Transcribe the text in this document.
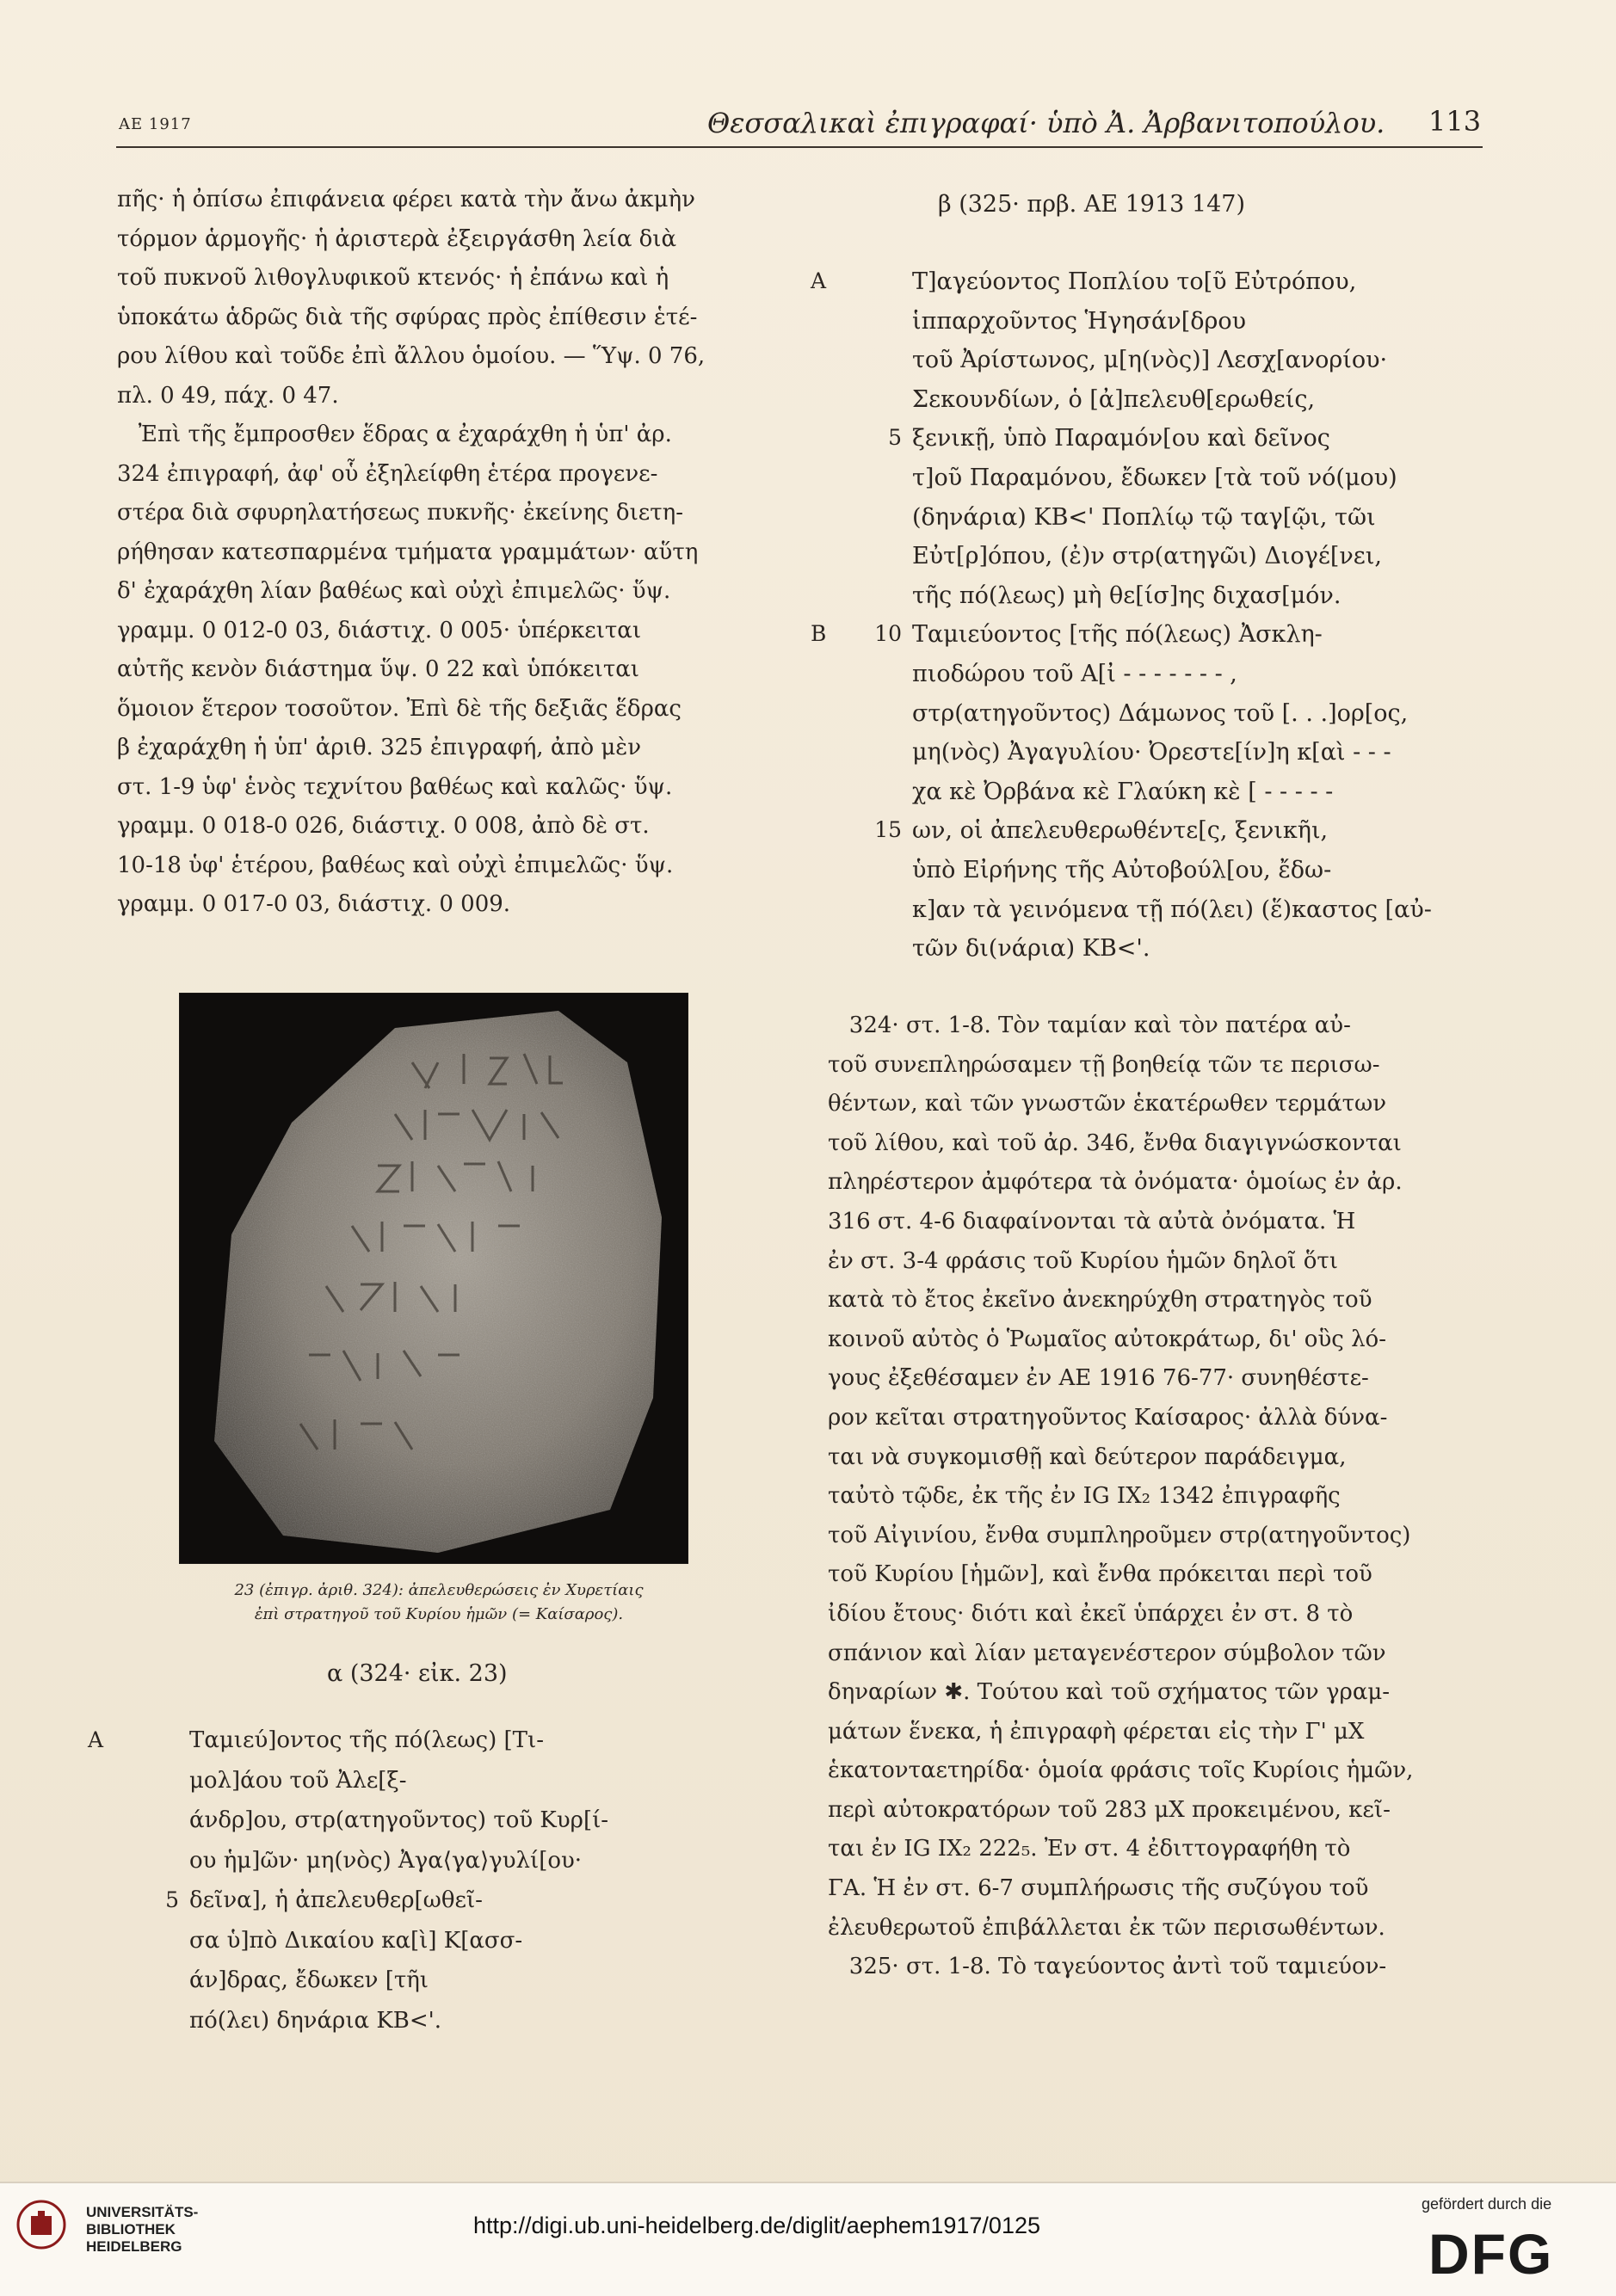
ΑΕ 1917	Θεσσαλικαὶ ἐπιγραφαί· ὑπὸ Ἀ. Ἀρβανιτοπούλου. 113
πῆς· ἡ ὀπίσω ἐπιφάνεια φέρει κατὰ τὴν ἄνω ἀκμὴν
τόρμον ἁρμογῆς· ἡ ἀριστερὰ ἐξειργάσθη λεία διὰ
τοῦ πυκνοῦ λιθογλυφικοῦ κτενός· ἡ ἐπάνω καὶ ἡ
ὑποκάτω ἁδρῶς διὰ τῆς σφύρας πρὸς ἐπίθεσιν ἑτέ-
ρου λίθου καὶ τοῦδε ἐπὶ ἄλλου ὁμοίου. — Ὕψ. 0 76,
πλ. 0 49, πάχ. 0 47.
Ἐπὶ τῆς ἔμπροσθεν ἕδρας α ἐχαράχθη ἡ ὑπ' ἀρ.
324 ἐπιγραφή, ἀφ' οὗ ἐξηλείφθη ἑτέρα προγενε-
στέρα διὰ σφυρηλατήσεως πυκνῆς· ἐκείνης διετη-
ρήθησαν κατεσπαρμένα τμήματα γραμμάτων· αὕτη
δ' ἐχαράχθη λίαν βαθέως καὶ οὐχὶ ἐπιμελῶς· ὕψ.
γραμμ. 0 012-0 03, διάστιχ. 0 005· ὑπέρκειται
αὐτῆς κενὸν διάστημα ὕψ. 0 22 καὶ ὑπόκειται
ὅμοιον ἕτερον τοσοῦτον. Ἐπὶ δὲ τῆς δεξιᾶς ἕδρας
β ἐχαράχθη ἡ ὑπ' ἀριθ. 325 ἐπιγραφή, ἀπὸ μὲν
στ. 1-9 ὑφ' ἑνὸς τεχνίτου βαθέως καὶ καλῶς· ὕψ.
γραμμ. 0 018-0 026, διάστιχ. 0 008, ἀπὸ δὲ στ.
10-18 ὑφ' ἑτέρου, βαθέως καὶ οὐχὶ ἐπιμελῶς· ὕψ.
γραμμ. 0 017-0 03, διάστιχ. 0 009.
23 (ἐπιγρ. ἀριθ. 324): ἀπελευθερώσεις ἐν Χυρετίαις
ἐπὶ στρατηγοῦ τοῦ Κυρίου ἡμῶν (= Καίσαρος).
α (324· εἰκ. 23)
Α	Ταμιεύ]οντος τῆς πό(λεως) [Τι-
μολ]άου τοῦ Ἀλε[ξ-
άνδρ]ου, στρ(ατηγοῦντος) τοῦ Κυρ[ί-
ου ἡμ]ῶν· μη(νὸς) Ἀγα⟨γα⟩γυλί[ου·
5 δεῖνα], ἡ ἀπελευθερ[ωθεῖ-
σα ὑ]πὸ Δικαίου κα[ὶ] Κ[ασσ-
άν]δρας, ἔδωκεν [τῆι
πό(λει) δηνάρια ΚΒ<'.
β (325· πρβ. ΑΕ 1913 147)
Α	Τ]αγεύοντος Ποπλίου το[ῦ Εὐτρόπου,
ἱππαρχοῦντος Ἡγησάν[δρου
τοῦ Ἀρίστωνος, μ[η(νὸς)] Λεσχ[ανορίου·
Σεκουνδίων, ὁ [ἀ]πελευθ[ερωθείς,
5 ξενικῇ, ὑπὸ Παραμόν[ου καὶ δεῖνος
τ]οῦ Παραμόνου, ἔδωκεν [τὰ τοῦ νό(μου)
(δηνάρια) ΚΒ<' Ποπλίῳ τῷ ταγ[ῷι, τῶι
Εὐτ[ρ]όπου, (ἐ)ν στρ(ατηγῶι) Διογέ[νει,
τῆς πό(λεως) μὴ θε[ίσ]ης διχασ[μόν.
Β	10 Ταμιεύοντος [τῆς πό(λεως) Ἀσκλη-
πιοδώρου τοῦ Α[ἰ - - - - - - - ,
στρ(ατηγοῦντος) Δάμωνος τοῦ [. . .]ορ[ος,
μη(νὸς) Ἀγαγυλίου· Ὀρεστε[ίν]η κ[αὶ - - -
χα κὲ Ὀρβάνα κὲ Γλαύκη κὲ [ - - - - -
15 ων, οἱ ἀπελευθερωθέντε[ς, ξενικῆι,
ὑπὸ Εἰρήνης τῆς Αὐτοβούλ[ου, ἔδω-
κ]αν τὰ γεινόμενα τῇ πό(λει) (ἕ)καστος [αὐ-
τῶν δι(νάρια) ΚΒ<'.
324· στ. 1-8. Τὸν ταμίαν καὶ τὸν πατέρα αὐ-
τοῦ συνεπληρώσαμεν τῇ βοηθείᾳ τῶν τε περισω-
θέντων, καὶ τῶν γνωστῶν ἑκατέρωθεν τερμάτων
τοῦ λίθου, καὶ τοῦ ἀρ. 346, ἔνθα διαγιγνώσκονται
πληρέστερον ἀμφότερα τὰ ὀνόματα· ὁμοίως ἐν ἀρ.
316 στ. 4-6 διαφαίνονται τὰ αὐτὰ ὀνόματα. Ἡ
ἐν στ. 3-4 φράσις τοῦ Κυρίου ἡμῶν δηλοῖ ὅτι
κατὰ τὸ ἔτος ἐκεῖνο ἀνεκηρύχθη στρατηγὸς τοῦ
κοινοῦ αὐτὸς ὁ Ῥωμαῖος αὐτοκράτωρ, δι' οὓς λό-
γους ἐξεθέσαμεν ἐν ΑΕ 1916 76-77· συνηθέστε-
ρον κεῖται στρατηγοῦντος Καίσαρος· ἀλλὰ δύνα-
ται νὰ συγκομισθῇ καὶ δεύτερον παράδειγμα,
ταὐτὸ τῷδε, ἐκ τῆς ἐν IG IX₂ 1342 ἐπιγραφῆς
τοῦ Αἰγινίου, ἔνθα συμπληροῦμεν στρ(ατηγοῦντος)
τοῦ Κυρίου [ἡμῶν], καὶ ἔνθα πρόκειται περὶ τοῦ
ἰδίου ἔτους· διότι καὶ ἐκεῖ ὑπάρχει ἐν στ. 8 τὸ
σπάνιον καὶ λίαν μεταγενέστερον σύμβολον τῶν
δηναρίων ✱. Τούτου καὶ τοῦ σχήματος τῶν γραμ-
μάτων ἕνεκα, ἡ ἐπιγραφὴ φέρεται εἰς τὴν Γ' μΧ
ἑκατονταετηρίδα· ὁμοία φράσις τοῖς Κυρίοις ἡμῶν,
περὶ αὐτοκρατόρων τοῦ 283 μΧ προκειμένου, κεῖ-
ται ἐν IG IX₂ 222₅. Ἐν στ. 4 ἐδιττογραφήθη τὸ
ΓΑ. Ἡ ἐν στ. 6-7 συμπλήρωσις τῆς συζύγου τοῦ
ἐλευθερωτοῦ ἐπιβάλλεται ἐκ τῶν περισωθέντων.
325· στ. 1-8. Τὸ ταγεύοντος ἀντὶ τοῦ ταμιεύον-
UNIVERSITÄTS-
BIBLIOTHEK
HEIDELBERG
http://digi.ub.uni-heidelberg.de/diglit/aephem1917/0125
gefördert durch die
DFG
